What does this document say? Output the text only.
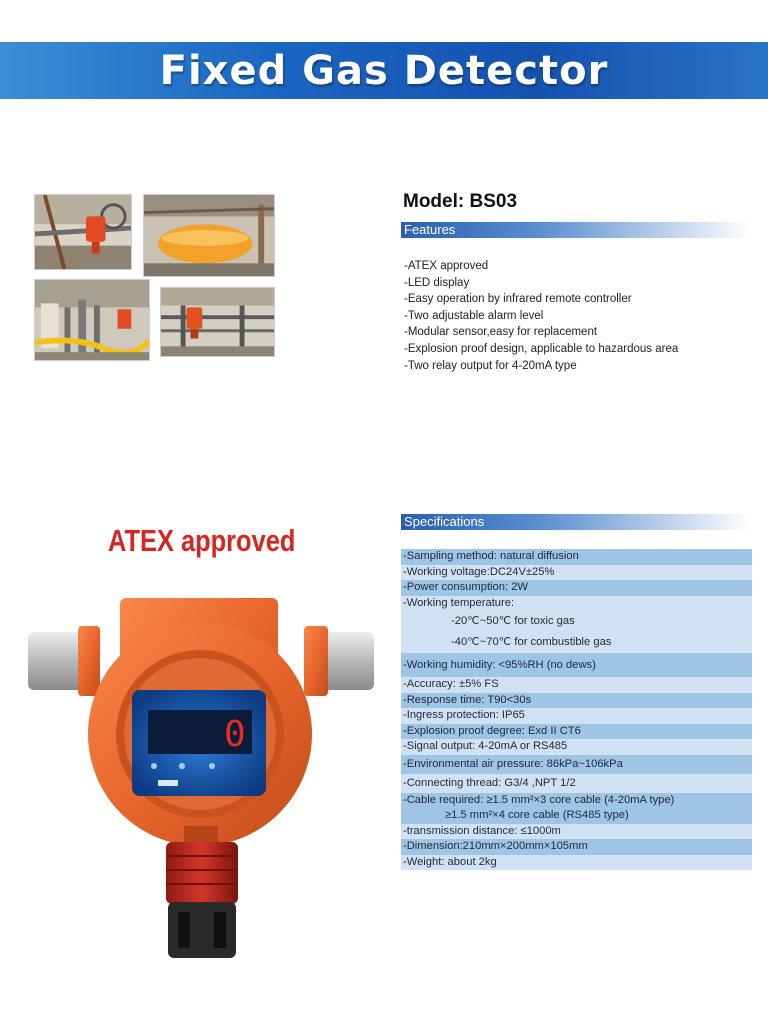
Fixed Gas Detector
Model: BS03
Features
-ATEX approved
-LED display
-Easy operation by infrared remote controller
-Two adjustable alarm level
-Modular sensor,easy for replacement
-Explosion proof design, applicable to hazardous area
-Two relay output for 4-20mA type
ATEX approved
0
Specifications
-Sampling method: natural diffusion
-Working voltage:DC24V±25%
-Power consumption: 2W
-Working temperature:
-20℃~50℃ for toxic gas
-40℃~70℃ for combustible gas
-Working humidity: <95%RH (no dews)
-Accuracy: ±5% FS
-Response time: T90<30s
-Ingress protection: IP65
-Explosion proof degree: Exd II CT6
-Signal output: 4-20mA or RS485
-Environmental air pressure: 86kPa~106kPa
-Connecting thread: G3/4 ,NPT 1/2
-Cable required: ≥1.5 mm²×3 core cable (4-20mA type)
≥1.5 mm²×4 core cable (RS485 type)
-transmission distance: ≤1000m
-Dimension:210mm×200mm×105mm
-Weight: about 2kg
